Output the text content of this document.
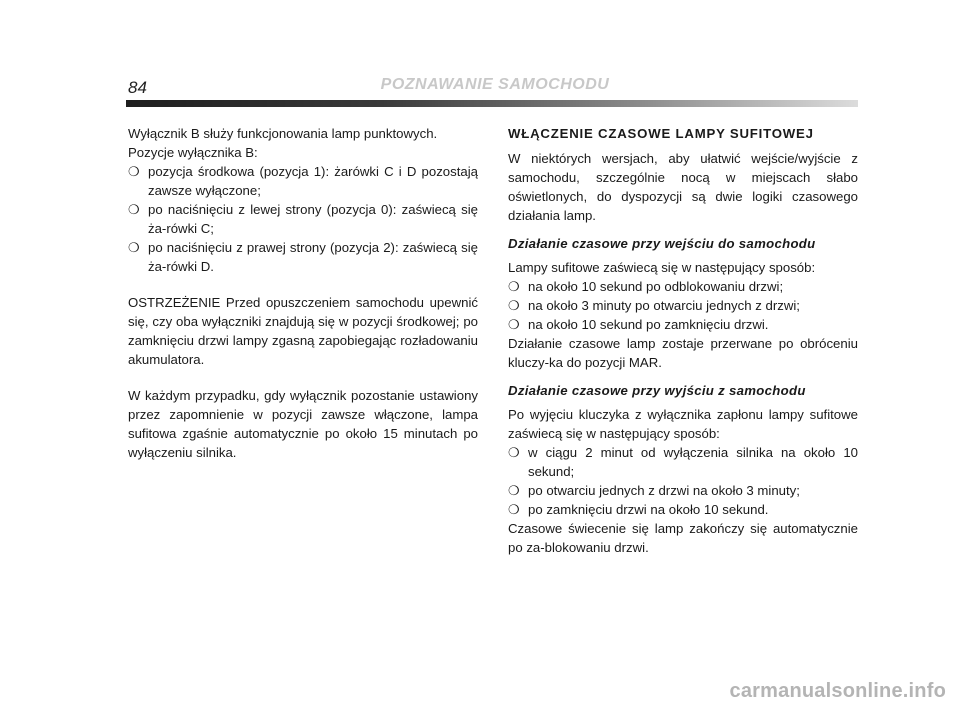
84	POZNAWANIE SAMOCHODU

Wyłącznik B służy funkcjonowania lamp punktowych.

Pozycje wyłącznika B:

❍ pozycja środkowa (pozycja 1): żarówki C i D pozostają zawsze wyłączone;
❍ po naciśnięciu z lewej strony (pozycja 0): zaświecą się ża-rówki C;
❍ po naciśnięciu z prawej strony (pozycja 2): zaświecą się ża-rówki D.

OSTRZEŻENIE Przed opuszczeniem samochodu upewnić się, czy oba wyłączniki znajdują się w pozycji środkowej; po zamknięciu drzwi lampy zgasną zapobiegając rozładowaniu akumulatora.

W każdym przypadku, gdy wyłącznik pozostanie ustawiony przez zapomnienie w pozycji zawsze włączone, lampa sufitowa zgaśnie automatycznie po około 15 minutach po wyłączeniu silnika.

WŁĄCZENIE CZASOWE LAMPY SUFITOWEJ

W niektórych wersjach, aby ułatwić wejście/wyjście z samochodu, szczególnie nocą w miejscach słabo oświetlonych, do dyspozycji są dwie logiki czasowego działania lamp.

Działanie czasowe przy wejściu do samochodu

Lampy sufitowe zaświecą się w następujący sposób:

❍ na około 10 sekund po odblokowaniu drzwi;
❍ na około 3 minuty po otwarciu jednych z drzwi;
❍ na około 10 sekund po zamknięciu drzwi.

Działanie czasowe lamp zostaje przerwane po obróceniu kluczy-ka do pozycji MAR.

Działanie czasowe przy wyjściu z samochodu

Po wyjęciu kluczyka z wyłącznika zapłonu lampy sufitowe zaświecą się w następujący sposób:

❍ w ciągu 2 minut od wyłączenia silnika na około 10 sekund;
❍ po otwarciu jednych z drzwi na około 3 minuty;
❍ po zamknięciu drzwi na około 10 sekund.

Czasowe świecenie się lamp zakończy się automatycznie po za-blokowaniu drzwi.

carmanualsonline.info
